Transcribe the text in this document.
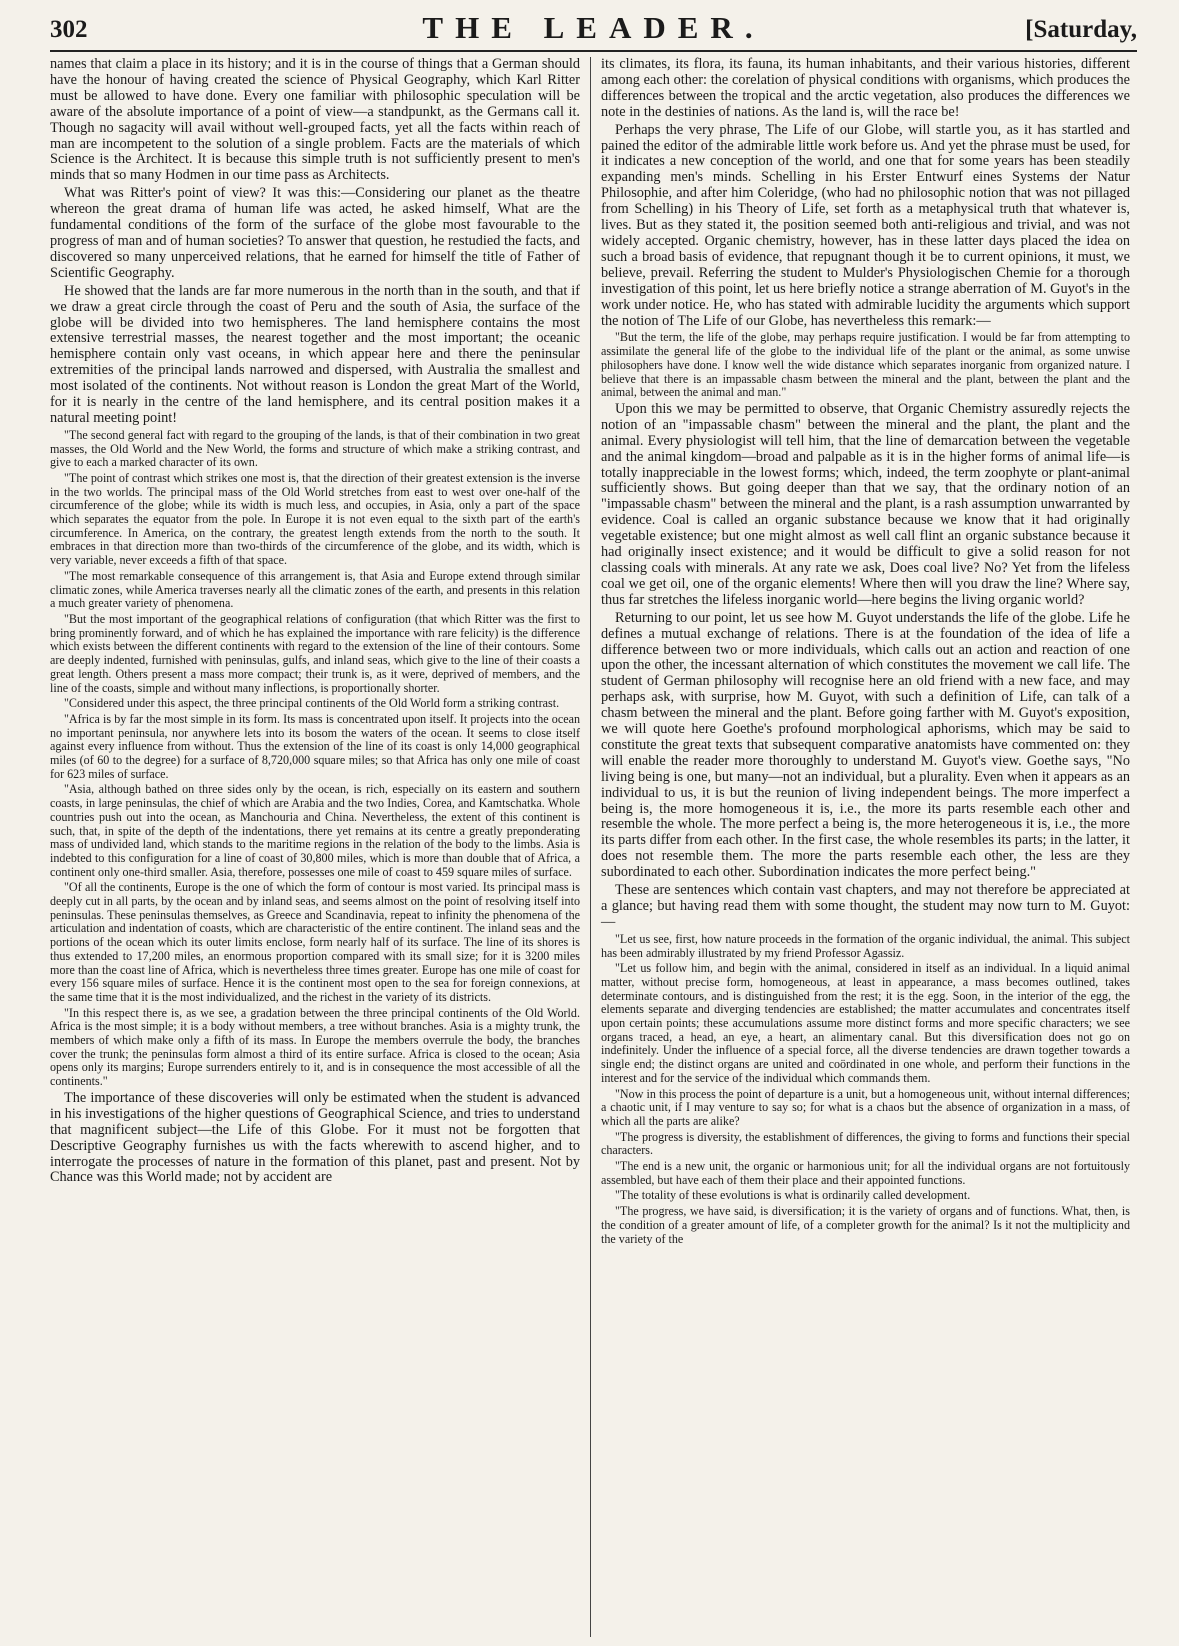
302	THE LEADER.	[Saturday,

names that claim a place in its history; and it is in the course of things that a German should have the honour of having created the science of Physical Geography, which Karl Ritter must be allowed to have done. Every one familiar with philosophic speculation will be aware of the absolute importance of a point of view—a standpunkt, as the Germans call it. Though no sagacity will avail without well-grouped facts, yet all the facts within reach of man are incompetent to the solution of a single problem. Facts are the materials of which Science is the Architect. It is because this simple truth is not sufficiently present to men's minds that so many Hodmen in our time pass as Architects.

What was Ritter's point of view? It was this:—Considering our planet as the theatre whereon the great drama of human life was acted, he asked himself, What are the fundamental conditions of the form of the surface of the globe most favourable to the progress of man and of human societies? To answer that question, he restudied the facts, and discovered so many unperceived relations, that he earned for himself the title of Father of Scientific Geography.

He showed that the lands are far more numerous in the north than in the south, and that if we draw a great circle through the coast of Peru and the south of Asia, the surface of the globe will be divided into two hemispheres. The land hemisphere contains the most extensive terrestrial masses, the nearest together and the most important; the oceanic hemisphere contain only vast oceans, in which appear here and there the peninsular extremities of the principal lands narrowed and dispersed, with Australia the smallest and most isolated of the continents. Not without reason is London the great Mart of the World, for it is nearly in the centre of the land hemisphere, and its central position makes it a natural meeting point!

"The second general fact with regard to the grouping of the lands, is that of their combination in two great masses, the Old World and the New World, the forms and structure of which make a striking contrast, and give to each a marked character of its own.

"The point of contrast which strikes one most is, that the direction of their greatest extension is the inverse in the two worlds. The principal mass of the Old World stretches from east to west over one-half of the circumference of the globe; while its width is much less, and occupies, in Asia, only a part of the space which separates the equator from the pole. In Europe it is not even equal to the sixth part of the earth's circumference. In America, on the contrary, the greatest length extends from the north to the south. It embraces in that direction more than two-thirds of the circumference of the globe, and its width, which is very variable, never exceeds a fifth of that space.

"The most remarkable consequence of this arrangement is, that Asia and Europe extend through similar climatic zones, while America traverses nearly all the climatic zones of the earth, and presents in this relation a much greater variety of phenomena.

"But the most important of the geographical relations of configuration (that which Ritter was the first to bring prominently forward, and of which he has explained the importance with rare felicity) is the difference which exists between the different continents with regard to the extension of the line of their contours. Some are deeply indented, furnished with peninsulas, gulfs, and inland seas, which give to the line of their coasts a great length. Others present a mass more compact; their trunk is, as it were, deprived of members, and the line of the coasts, simple and without many inflections, is proportionally shorter.

"Considered under this aspect, the three principal continents of the Old World form a striking contrast.

"Africa is by far the most simple in its form. Its mass is concentrated upon itself. It projects into the ocean no important peninsula, nor anywhere lets into its bosom the waters of the ocean. It seems to close itself against every influence from without. Thus the extension of the line of its coast is only 14,000 geographical miles (of 60 to the degree) for a surface of 8,720,000 square miles; so that Africa has only one mile of coast for 623 miles of surface.

"Asia, although bathed on three sides only by the ocean, is rich, especially on its eastern and southern coasts, in large peninsulas, the chief of which are Arabia and the two Indies, Corea, and Kamtschatka. Whole countries push out into the ocean, as Manchouria and China. Nevertheless, the extent of this continent is such, that, in spite of the depth of the indentations, there yet remains at its centre a greatly preponderating mass of undivided land, which stands to the maritime regions in the relation of the body to the limbs. Asia is indebted to this configuration for a line of coast of 30,800 miles, which is more than double that of Africa, a continent only one-third smaller. Asia, therefore, possesses one mile of coast to 459 square miles of surface.

"Of all the continents, Europe is the one of which the form of contour is most varied. Its principal mass is deeply cut in all parts, by the ocean and by inland seas, and seems almost on the point of resolving itself into peninsulas. These peninsulas themselves, as Greece and Scandinavia, repeat to infinity the phenomena of the articulation and indentation of coasts, which are characteristic of the entire continent. The inland seas and the portions of the ocean which its outer limits enclose, form nearly half of its surface. The line of its shores is thus extended to 17,200 miles, an enormous proportion compared with its small size; for it is 3200 miles more than the coast line of Africa, which is nevertheless three times greater. Europe has one mile of coast for every 156 square miles of surface. Hence it is the continent most open to the sea for foreign connexions, at the same time that it is the most individualized, and the richest in the variety of its districts.

"In this respect there is, as we see, a gradation between the three principal continents of the Old World. Africa is the most simple; it is a body without members, a tree without branches. Asia is a mighty trunk, the members of which make only a fifth of its mass. In Europe the members overrule the body, the branches cover the trunk; the peninsulas form almost a third of its entire surface. Africa is closed to the ocean; Asia opens only its margins; Europe surrenders entirely to it, and is in consequence the most accessible of all the continents."

The importance of these discoveries will only be estimated when the student is advanced in his investigations of the higher questions of Geographical Science, and tries to understand that magnificent subject—the Life of this Globe. For it must not be forgotten that Descriptive Geography furnishes us with the facts wherewith to ascend higher, and to interrogate the processes of nature in the formation of this planet, past and present. Not by Chance was this World made; not by accident are

its climates, its flora, its fauna, its human inhabitants, and their various histories, different among each other: the corelation of physical conditions with organisms, which produces the differences between the tropical and the arctic vegetation, also produces the differences we note in the destinies of nations. As the land is, will the race be!

Perhaps the very phrase, The Life of our Globe, will startle you, as it has startled and pained the editor of the admirable little work before us. And yet the phrase must be used, for it indicates a new conception of the world, and one that for some years has been steadily expanding men's minds. Schelling in his Erster Entwurf eines Systems der Natur Philosophie, and after him Coleridge, (who had no philosophic notion that was not pillaged from Schelling) in his Theory of Life, set forth as a metaphysical truth that whatever is, lives. But as they stated it, the position seemed both anti-religious and trivial, and was not widely accepted. Organic chemistry, however, has in these latter days placed the idea on such a broad basis of evidence, that repugnant though it be to current opinions, it must, we believe, prevail. Referring the student to Mulder's Physiologischen Chemie for a thorough investigation of this point, let us here briefly notice a strange aberration of M. Guyot's in the work under notice. He, who has stated with admirable lucidity the arguments which support the notion of The Life of our Globe, has nevertheless this remark:—

"But the term, the life of the globe, may perhaps require justification. I would be far from attempting to assimilate the general life of the globe to the individual life of the plant or the animal, as some unwise philosophers have done. I know well the wide distance which separates inorganic from organized nature. I believe that there is an impassable chasm between the mineral and the plant, between the plant and the animal, between the animal and man."

Upon this we may be permitted to observe, that Organic Chemistry assuredly rejects the notion of an "impassable chasm" between the mineral and the plant, the plant and the animal. Every physiologist will tell him, that the line of demarcation between the vegetable and the animal kingdom—broad and palpable as it is in the higher forms of animal life—is totally inappreciable in the lowest forms; which, indeed, the term zoophyte or plant-animal sufficiently shows. But going deeper than that we say, that the ordinary notion of an "impassable chasm" between the mineral and the plant, is a rash assumption unwarranted by evidence. Coal is called an organic substance because we know that it had originally vegetable existence; but one might almost as well call flint an organic substance because it had originally insect existence; and it would be difficult to give a solid reason for not classing coals with minerals. At any rate we ask, Does coal live? No? Yet from the lifeless coal we get oil, one of the organic elements! Where then will you draw the line? Where say, thus far stretches the lifeless inorganic world—here begins the living organic world?

Returning to our point, let us see how M. Guyot understands the life of the globe. Life he defines a mutual exchange of relations. There is at the foundation of the idea of life a difference between two or more individuals, which calls out an action and reaction of one upon the other, the incessant alternation of which constitutes the movement we call life. The student of German philosophy will recognise here an old friend with a new face, and may perhaps ask, with surprise, how M. Guyot, with such a definition of Life, can talk of a chasm between the mineral and the plant. Before going farther with M. Guyot's exposition, we will quote here Goethe's profound morphological aphorisms, which may be said to constitute the great texts that subsequent comparative anatomists have commented on: they will enable the reader more thoroughly to understand M. Guyot's view. Goethe says, "No living being is one, but many—not an individual, but a plurality. Even when it appears as an individual to us, it is but the reunion of living independent beings. The more imperfect a being is, the more homogeneous it is, i.e., the more its parts resemble each other and resemble the whole. The more perfect a being is, the more heterogeneous it is, i.e., the more its parts differ from each other. In the first case, the whole resembles its parts; in the latter, it does not resemble them. The more the parts resemble each other, the less are they subordinated to each other. Subordination indicates the more perfect being."

These are sentences which contain vast chapters, and may not therefore be appreciated at a glance; but having read them with some thought, the student may now turn to M. Guyot:—

"Let us see, first, how nature proceeds in the formation of the organic individual, the animal. This subject has been admirably illustrated by my friend Professor Agassiz.

"Let us follow him, and begin with the animal, considered in itself as an individual. In a liquid animal matter, without precise form, homogeneous, at least in appearance, a mass becomes outlined, takes determinate contours, and is distinguished from the rest; it is the egg. Soon, in the interior of the egg, the elements separate and diverging tendencies are established; the matter accumulates and concentrates itself upon certain points; these accumulations assume more distinct forms and more specific characters; we see organs traced, a head, an eye, a heart, an alimentary canal. But this diversification does not go on indefinitely. Under the influence of a special force, all the diverse tendencies are drawn together towards a single end; the distinct organs are united and coördinated in one whole, and perform their functions in the interest and for the service of the individual which commands them.

"Now in this process the point of departure is a unit, but a homogeneous unit, without internal differences; a chaotic unit, if I may venture to say so; for what is a chaos but the absence of organization in a mass, of which all the parts are alike?

"The progress is diversity, the establishment of differences, the giving to forms and functions their special characters.

"The end is a new unit, the organic or harmonious unit; for all the individual organs are not fortuitously assembled, but have each of them their place and their appointed functions.

"The totality of these evolutions is what is ordinarily called development.

"The progress, we have said, is diversification; it is the variety of organs and of functions. What, then, is the condition of a greater amount of life, of a completer growth for the animal? Is it not the multiplicity and the variety of the
